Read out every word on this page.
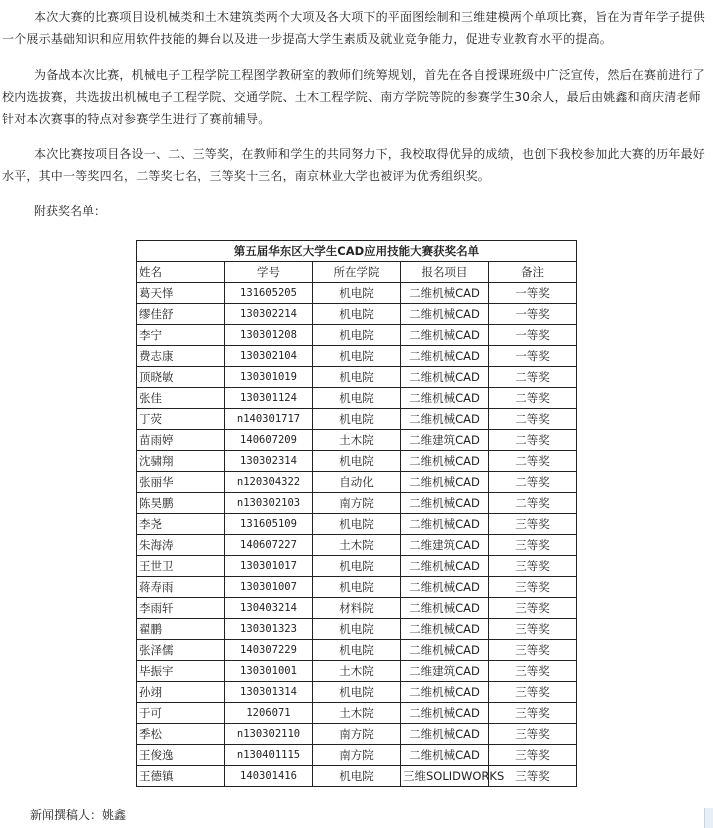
本次大赛的比赛项目设机械类和土木建筑类两个大项及各大项下的平面图绘制和三维建模两个单项比赛，旨在为青年学子提供一个展示基础知识和应用软件技能的舞台以及进一步提高大学生素质及就业竞争能力，促进专业教育水平的提高。

为备战本次比赛，机械电子工程学院工程图学教研室的教师们统筹规划，首先在各自授课班级中广泛宣传，然后在赛前进行了校内选拔赛，共选拔出机械电子工程学院、交通学院、土木工程学院、南方学院等院的参赛学生30余人，最后由姚鑫和商庆清老师针对本次赛事的特点对参赛学生进行了赛前辅导。

本次比赛按项目各设一、二、三等奖，在教师和学生的共同努力下，我校取得优异的成绩，也创下我校参加此大赛的历年最好水平，其中一等奖四名，二等奖七名，三等奖十三名，南京林业大学也被评为优秀组织奖。

附获奖名单：
第五届华东区大学生CAD应用技能大赛获奖名单				
姓名	学号	所在学院	报名项目	备注
葛天怿	131605205	机电院	二维机械CAD	一等奖
缪佳舒	130302214	机电院	二维机械CAD	一等奖
李宁	130301208	机电院	二维机械CAD	一等奖
费志康	130302104	机电院	二维机械CAD	一等奖
顶晓敏	130301019	机电院	二维机械CAD	二等奖
张佳	130301124	机电院	二维机械CAD	二等奖
丁荧	n140301717	机电院	二维机械CAD	二等奖
苗雨婷	140607209	土木院	二维建筑CAD	二等奖
沈骕翔	130302314	机电院	二维机械CAD	二等奖
张丽华	n120304322	自动化	二维机械CAD	二等奖
陈昊鹏	n130302103	南方院	二维机械CAD	二等奖
李尧	131605109	机电院	二维机械CAD	三等奖
朱海涛	140607227	土木院	二维建筑CAD	三等奖
王世卫	130301017	机电院	二维机械CAD	三等奖
蒋寿雨	130301007	机电院	二维机械CAD	三等奖
李雨轩	130403214	材料院	二维机械CAD	三等奖
翟鹏	130301323	机电院	二维机械CAD	三等奖
张泽儒	140307229	机电院	二维机械CAD	三等奖
毕振宇	130301001	土木院	二维建筑CAD	三等奖
孙翊	130301314	机电院	二维机械CAD	三等奖
于可	1206071	土木院	二维机械CAD	三等奖
季松	n130302110	南方院	二维机械CAD	三等奖
王俊逸	n130401115	南方院	二维机械CAD	三等奖
王德镇	140301416	机电院	三维SOLIDWORKS	三等奖
新闻撰稿人：姚鑫
